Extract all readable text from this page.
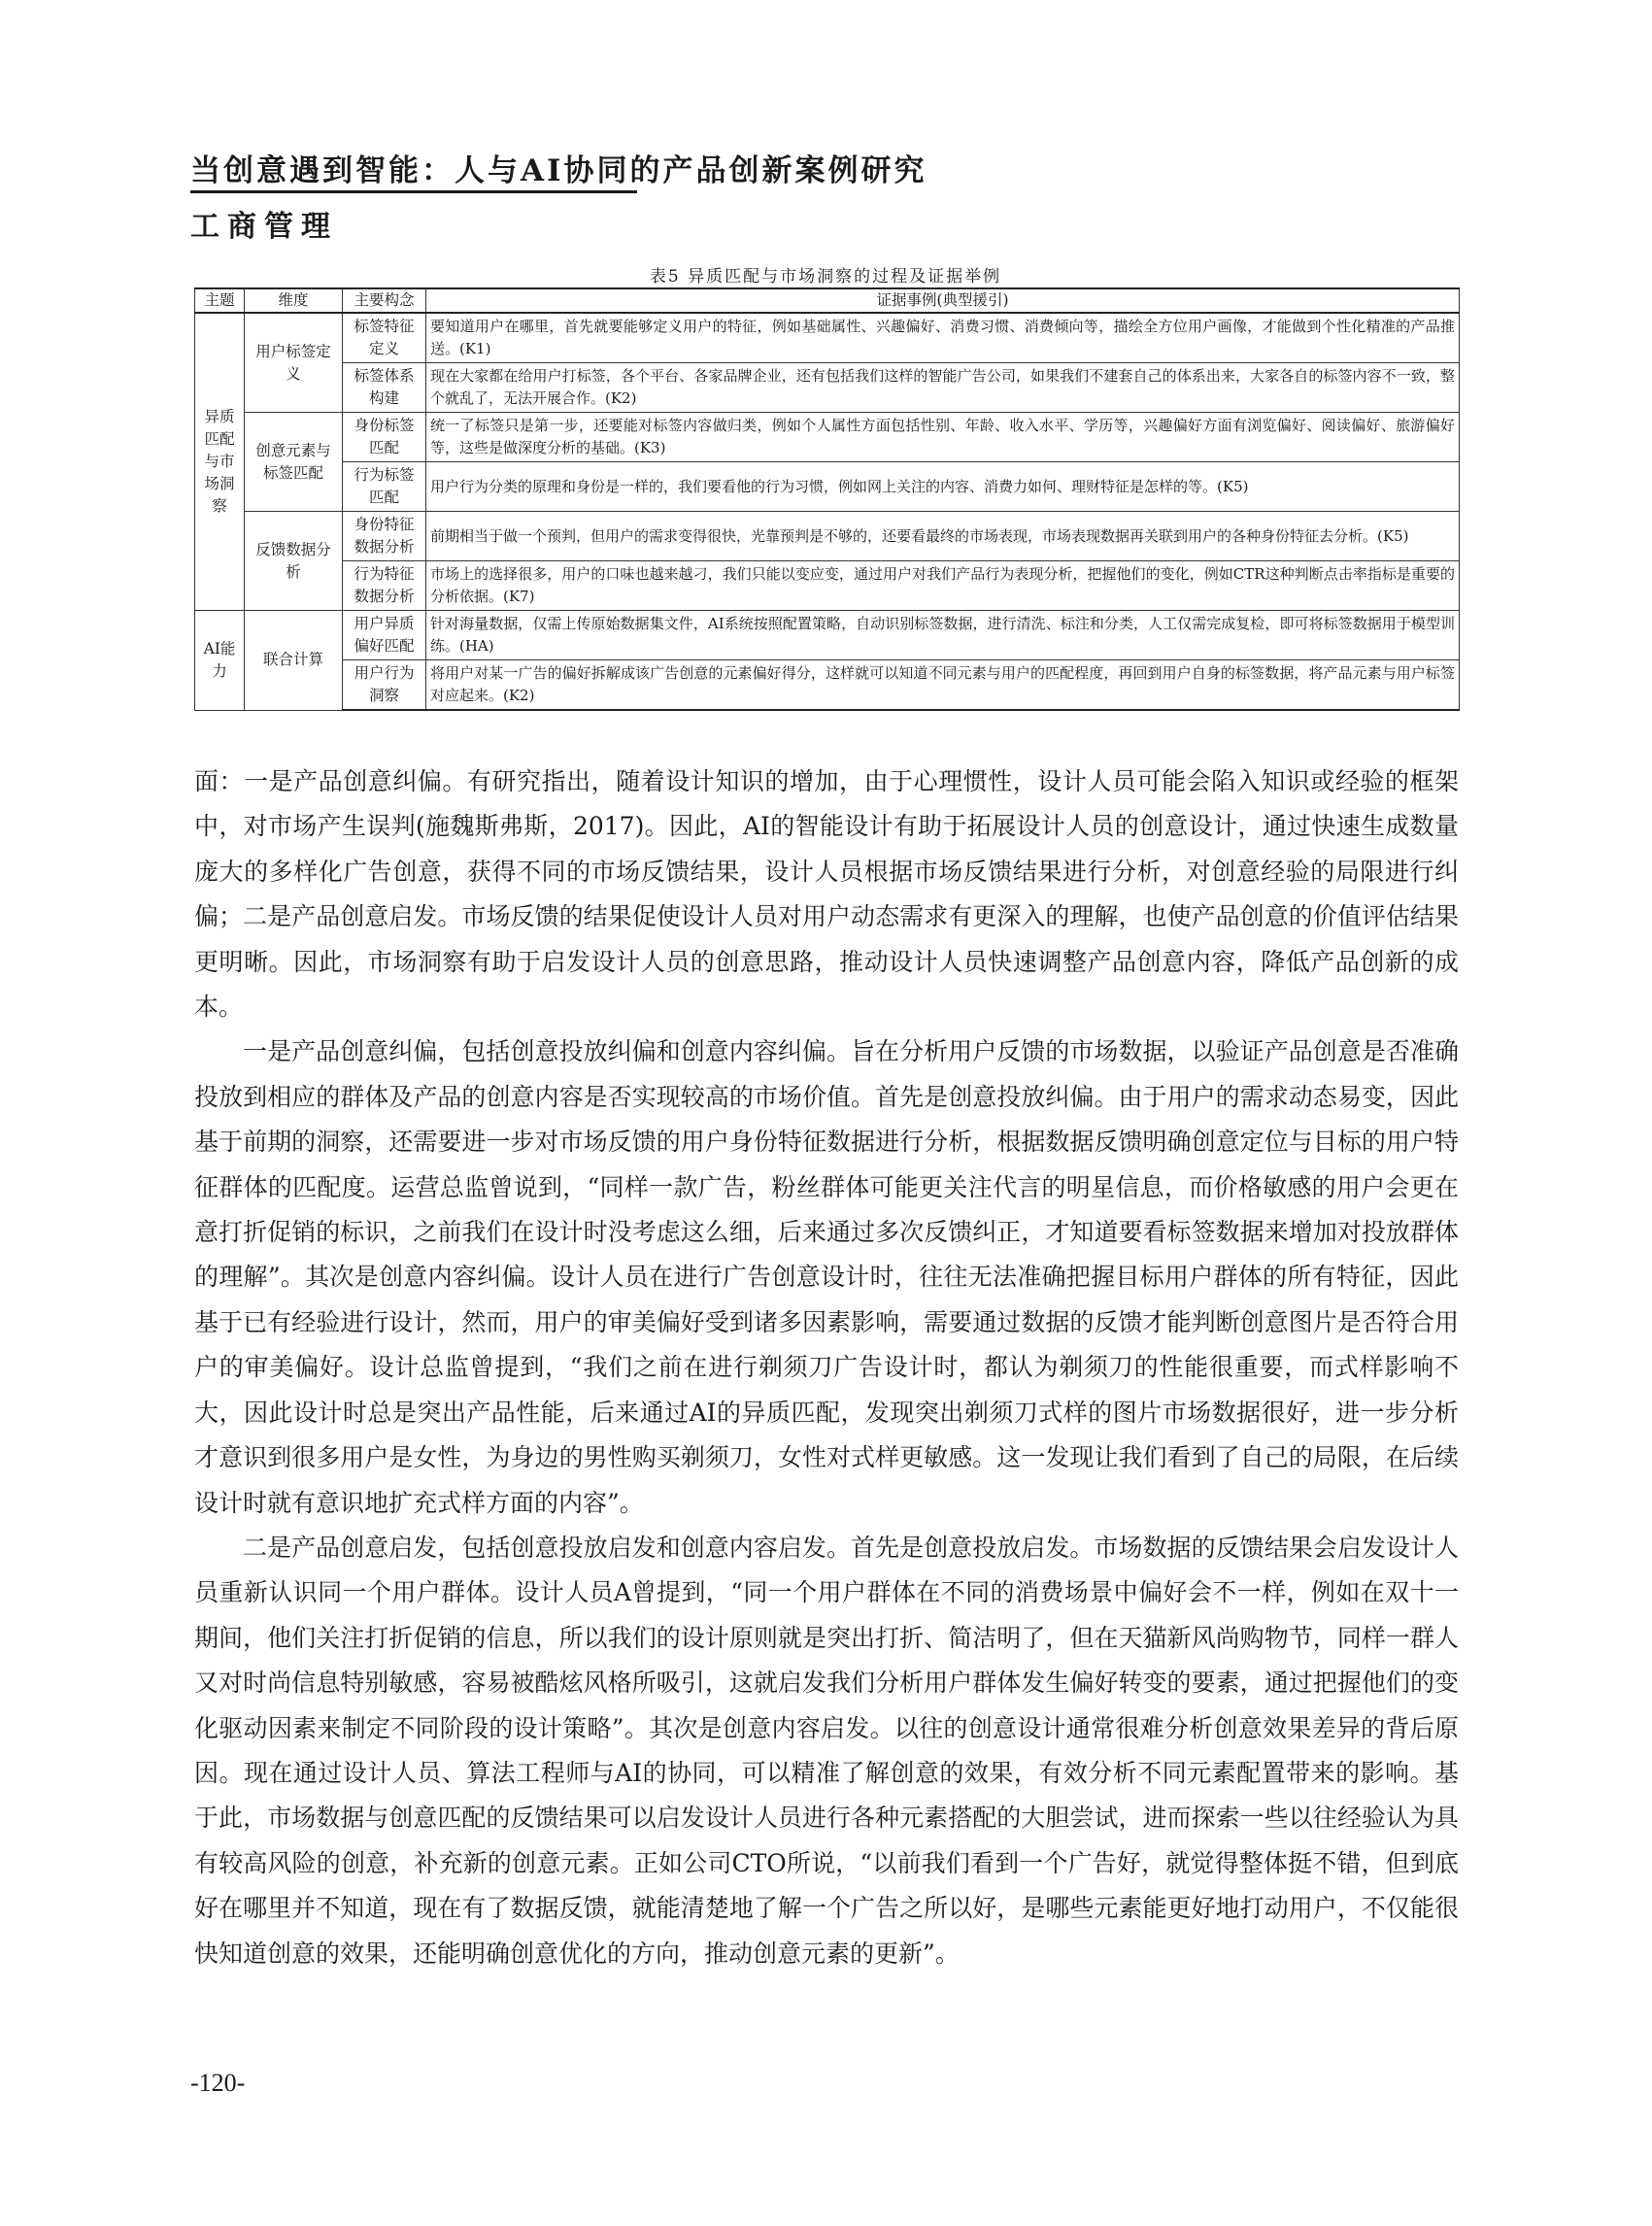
当创意遇到智能：人与AI协同的产品创新案例研究
工商管理
表5 异质匹配与市场洞察的过程及证据举例
主题	维度	主要构念	证据事例(典型援引)
异质匹配与市场洞察	用户标签定义	标签特征定义	要知道用户在哪里，首先就要能够定义用户的特征，例如基础属性、兴趣偏好、消费习惯、消费倾向等，描绘全方位用户画像，才能做到个性化精准的产品推送。(K1)
		标签体系构建	现在大家都在给用户打标签，各个平台、各家品牌企业，还有包括我们这样的智能广告公司，如果我们不建套自己的体系出来，大家各自的标签内容不一致，整个就乱了，无法开展合作。(K2)
	创意元素与标签匹配	身份标签匹配	统一了标签只是第一步，还要能对标签内容做归类，例如个人属性方面包括性别、年龄、收入水平、学历等，兴趣偏好方面有浏览偏好、阅读偏好、旅游偏好等，这些是做深度分析的基础。(K3)
		行为标签匹配	用户行为分类的原理和身份是一样的，我们要看他的行为习惯，例如网上关注的内容、消费力如何、理财特征是怎样的等。(K5)
	反馈数据分析	身份特征数据分析	前期相当于做一个预判，但用户的需求变得很快，光靠预判是不够的，还要看最终的市场表现，市场表现数据再关联到用户的各种身份特征去分析。(K5)
		行为特征数据分析	市场上的选择很多，用户的口味也越来越刁，我们只能以变应变，通过用户对我们产品行为表现分析，把握他们的变化，例如CTR这种判断点击率指标是重要的分析依据。(K7)
AI能力	联合计算	用户异质偏好匹配	针对海量数据，仅需上传原始数据集文件，AI系统按照配置策略，自动识别标签数据，进行清洗、标注和分类，人工仅需完成复检，即可将标签数据用于模型训练。(HA)
		用户行为洞察	将用户对某一广告的偏好拆解成该广告创意的元素偏好得分，这样就可以知道不同元素与用户的匹配程度，再回到用户自身的标签数据，将产品元素与用户标签对应起来。(K2)

面：一是产品创意纠偏。有研究指出，随着设计知识的增加，由于心理惯性，设计人员可能会陷入知识或经验的框架中，对市场产生误判(施魏斯弗斯，2017)。因此，AI的智能设计有助于拓展设计人员的创意设计，通过快速生成数量庞大的多样化广告创意，获得不同的市场反馈结果，设计人员根据市场反馈结果进行分析，对创意经验的局限进行纠偏；二是产品创意启发。市场反馈的结果促使设计人员对用户动态需求有更深入的理解，也使产品创意的价值评估结果更明晰。因此，市场洞察有助于启发设计人员的创意思路，推动设计人员快速调整产品创意内容，降低产品创新的成本。

一是产品创意纠偏，包括创意投放纠偏和创意内容纠偏。旨在分析用户反馈的市场数据，以验证产品创意是否准确投放到相应的群体及产品的创意内容是否实现较高的市场价值。首先是创意投放纠偏。由于用户的需求动态易变，因此基于前期的洞察，还需要进一步对市场反馈的用户身份特征数据进行分析，根据数据反馈明确创意定位与目标的用户特征群体的匹配度。运营总监曾说到，“同样一款广告，粉丝群体可能更关注代言的明星信息，而价格敏感的用户会更在意打折促销的标识，之前我们在设计时没考虑这么细，后来通过多次反馈纠正，才知道要看标签数据来增加对投放群体的理解”。其次是创意内容纠偏。设计人员在进行广告创意设计时，往往无法准确把握目标用户群体的所有特征，因此基于已有经验进行设计，然而，用户的审美偏好受到诸多因素影响，需要通过数据的反馈才能判断创意图片是否符合用户的审美偏好。设计总监曾提到，“我们之前在进行剃须刀广告设计时，都认为剃须刀的性能很重要，而式样影响不大，因此设计时总是突出产品性能，后来通过AI的异质匹配，发现突出剃须刀式样的图片市场数据很好，进一步分析才意识到很多用户是女性，为身边的男性购买剃须刀，女性对式样更敏感。这一发现让我们看到了自己的局限，在后续设计时就有意识地扩充式样方面的内容”。

二是产品创意启发，包括创意投放启发和创意内容启发。首先是创意投放启发。市场数据的反馈结果会启发设计人员重新认识同一个用户群体。设计人员A曾提到，“同一个用户群体在不同的消费场景中偏好会不一样，例如在双十一期间，他们关注打折促销的信息，所以我们的设计原则就是突出打折、简洁明了，但在天猫新风尚购物节，同样一群人又对时尚信息特别敏感，容易被酷炫风格所吸引，这就启发我们分析用户群体发生偏好转变的要素，通过把握他们的变化驱动因素来制定不同阶段的设计策略”。其次是创意内容启发。以往的创意设计通常很难分析创意效果差异的背后原因。现在通过设计人员、算法工程师与AI的协同，可以精准了解创意的效果，有效分析不同元素配置带来的影响。基于此，市场数据与创意匹配的反馈结果可以启发设计人员进行各种元素搭配的大胆尝试，进而探索一些以往经验认为具有较高风险的创意，补充新的创意元素。正如公司CTO所说，“以前我们看到一个广告好，就觉得整体挺不错，但到底好在哪里并不知道，现在有了数据反馈，就能清楚地了解一个广告之所以好，是哪些元素能更好地打动用户，不仅能很快知道创意的效果，还能明确创意优化的方向，推动创意元素的更新”。

-120-
